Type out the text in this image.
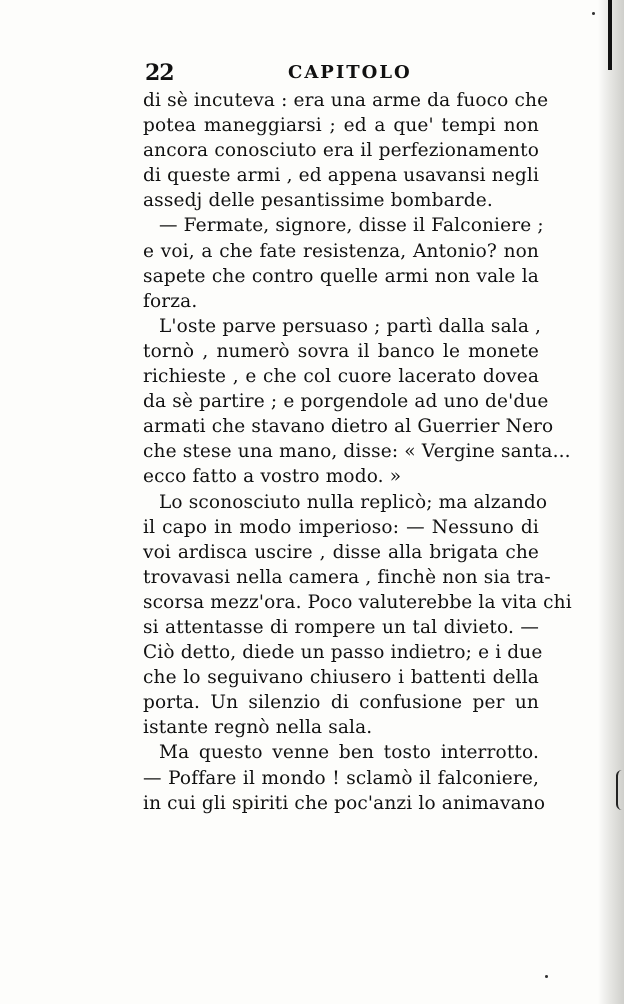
22	CAPITOLO
di sè incuteva : era una arme da fuoco che
potea maneggiarsi ; ed a que' tempi non
ancora conosciuto era il perfezionamento
di queste armi , ed appena usavansi negli
assedj delle pesantissime bombarde.
— Fermate, signore, disse il Falconiere ;
e voi, a che fate resistenza, Antonio? non
sapete che contro quelle armi non vale la
forza.
L'oste parve persuaso ; partì dalla sala ,
tornò , numerò sovra il banco le monete
richieste , e che col cuore lacerato dovea
da sè partire ; e porgendole ad uno de'due
armati che stavano dietro al Guerrier Nero
che stese una mano, disse: « Vergine santa...
ecco fatto a vostro modo. »
Lo sconosciuto nulla replicò; ma alzando
il capo in modo imperioso: — Nessuno di
voi ardisca uscire , disse alla brigata che
trovavasi nella camera , finchè non sia tra-
scorsa mezz'ora. Poco valuterebbe la vita chi
si attentasse di rompere un tal divieto. —
Ciò detto, diede un passo indietro; e i due
che lo seguivano chiusero i battenti della
porta. Un silenzio di confusione per un
istante regnò nella sala.
Ma questo venne ben tosto interrotto.
— Poffare il mondo ! sclamò il falconiere,
in cui gli spiriti che poc'anzi lo animavano
